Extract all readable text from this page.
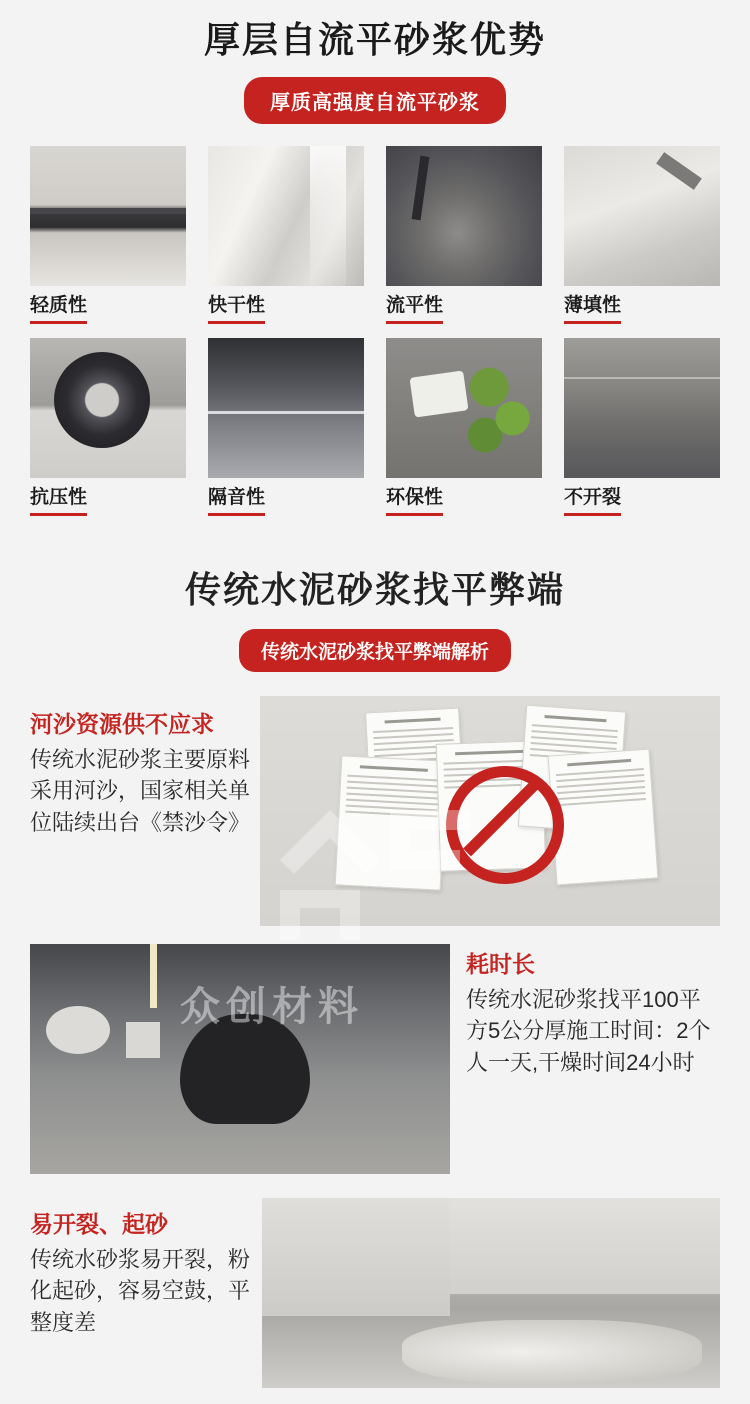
厚层自流平砂浆优势
厚质高强度自流平砂浆
轻质性	快干性	流平性	薄填性
抗压性	隔音性	环保性	不开裂
传统水泥砂浆找平弊端
传统水泥砂浆找平弊端解析
河沙资源供不应求
传统水泥砂浆主要原料采用河沙，国家相关单位陆续出台《禁沙令》
耗时长
传统水泥砂浆找平100平方5公分厚施工时间：2个人一天,干燥时间24小时
易开裂、起砂
传统水砂浆易开裂，粉化起砂，容易空鼓，平整度差
众创材料
